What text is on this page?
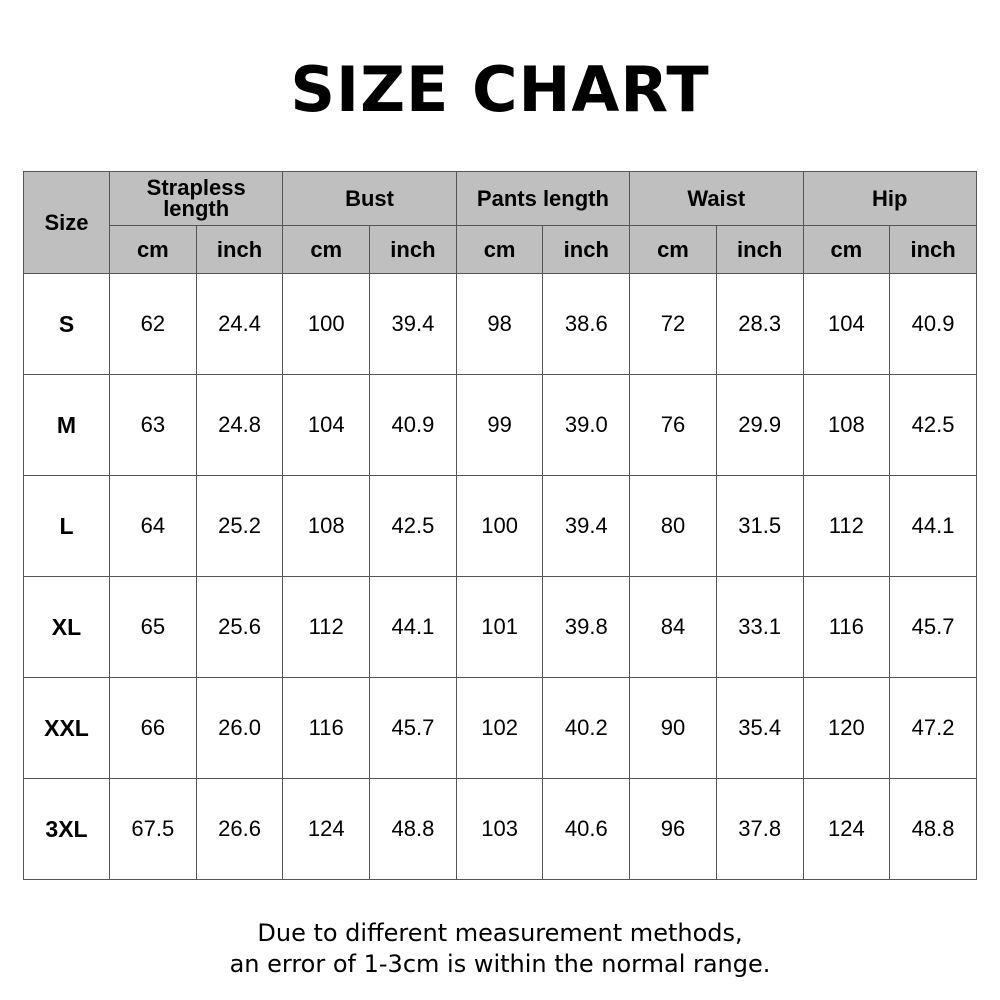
SIZE CHART
Size	Strapless length		Bust		Pants length		Waist		Hip	
	cm	inch	cm	inch	cm	inch	cm	inch	cm	inch
S	62	24.4	100	39.4	98	38.6	72	28.3	104	40.9
M	63	24.8	104	40.9	99	39.0	76	29.9	108	42.5
L	64	25.2	108	42.5	100	39.4	80	31.5	112	44.1
XL	65	25.6	112	44.1	101	39.8	84	33.1	116	45.7
XXL	66	26.0	116	45.7	102	40.2	90	35.4	120	47.2
3XL	67.5	26.6	124	48.8	103	40.6	96	37.8	124	48.8
Due to different measurement methods,
an error of 1-3cm is within the normal range.
